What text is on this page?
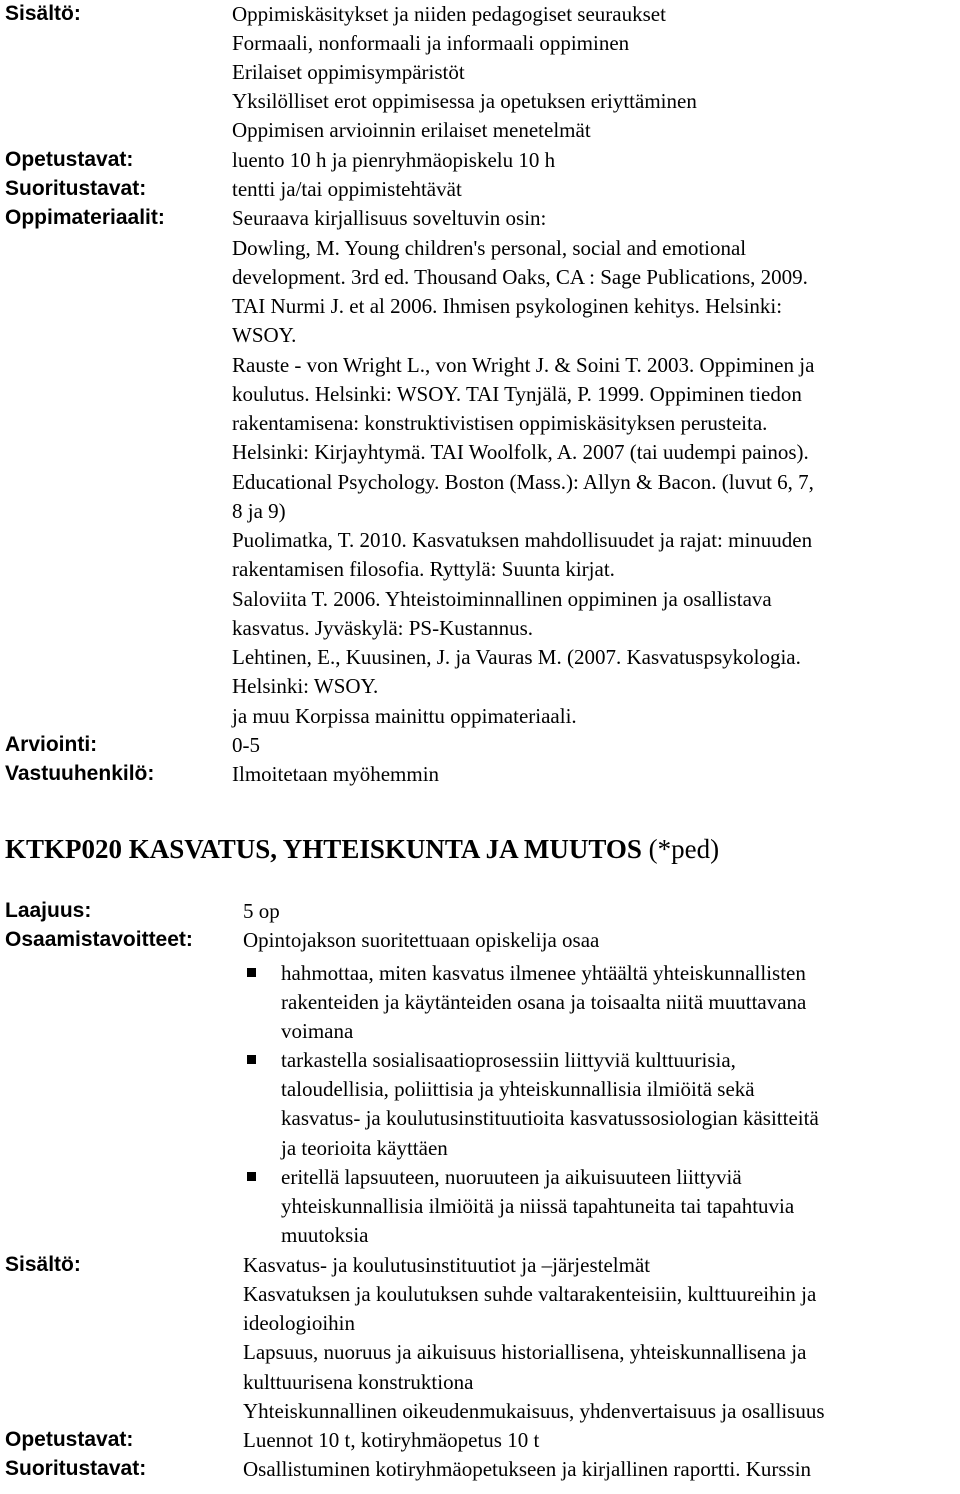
Sisältö:	Oppimiskäsitykset ja niiden pedagogiset seuraukset
Formaali, nonformaali ja informaali oppiminen
Erilaiset oppimisympäristöt
Yksilölliset erot oppimisessa ja opetuksen eriyttäminen
Oppimisen arvioinnin erilaiset menetelmät
Opetustavat:	luento 10 h ja pienryhmäopiskelu 10 h
Suoritustavat:	tentti ja/tai oppimistehtävät
Oppimateriaalit:	Seuraava kirjallisuus soveltuvin osin:
Dowling, M. Young children's personal, social and emotional
development. 3rd ed. Thousand Oaks, CA : Sage Publications, 2009.
TAI Nurmi J. et al 2006. Ihmisen psykologinen kehitys. Helsinki:
WSOY.
Rauste - von Wright L., von Wright J. & Soini T. 2003. Oppiminen ja
koulutus. Helsinki: WSOY. TAI Tynjälä, P. 1999. Oppiminen tiedon
rakentamisena: konstruktivistisen oppimiskäsityksen perusteita.
Helsinki: Kirjayhtymä. TAI Woolfolk, A. 2007 (tai uudempi painos).
Educational Psychology. Boston (Mass.): Allyn & Bacon. (luvut 6, 7,
8 ja 9)
Puolimatka, T. 2010. Kasvatuksen mahdollisuudet ja rajat: minuuden
rakentamisen filosofia. Ryttylä: Suunta kirjat.
Saloviita T. 2006. Yhteistoiminnallinen oppiminen ja osallistava
kasvatus. Jyväskylä: PS-Kustannus.
Lehtinen, E., Kuusinen, J. ja Vauras M. (2007. Kasvatuspsykologia.
Helsinki: WSOY.
ja muu Korpissa mainittu oppimateriaali.
Arviointi:	0-5
Vastuuhenkilö:	Ilmoitetaan myöhemmin
KTKP020 KASVATUS, YHTEISKUNTA JA MUUTOS (*ped)
Laajuus:	5 op
Osaamistavoitteet: Opintojakson suoritettuaan opiskelija osaa
hahmottaa, miten kasvatus ilmenee yhtäältä yhteiskunnallisten
rakenteiden ja käytänteiden osana ja toisaalta niitä muuttavana
voimana
tarkastella sosialisaatioprosessiin liittyviä kulttuurisia,
taloudellisia, poliittisia ja yhteiskunnallisia ilmiöitä sekä
kasvatus- ja koulutusinstituutioita kasvatussosiologian käsitteitä
ja teorioita käyttäen
eritellä lapsuuteen, nuoruuteen ja aikuisuuteen liittyviä
yhteiskunnallisia ilmiöitä ja niissä tapahtuneita tai tapahtuvia
muutoksia
Sisältö:	Kasvatus- ja koulutusinstituutiot ja –järjestelmät
Kasvatuksen ja koulutuksen suhde valtarakenteisiin, kulttuureihin ja
ideologioihin
Lapsuus, nuoruus ja aikuisuus historiallisena, yhteiskunnallisena ja
kulttuurisena konstruktiona
Yhteiskunnallinen oikeudenmukaisuus, yhdenvertaisuus ja osallisuus
Opetustavat:	Luennot 10 t, kotiryhmäopetus 10 t
Suoritustavat:	Osallistuminen kotiryhmäopetukseen ja kirjallinen raportti. Kurssin
